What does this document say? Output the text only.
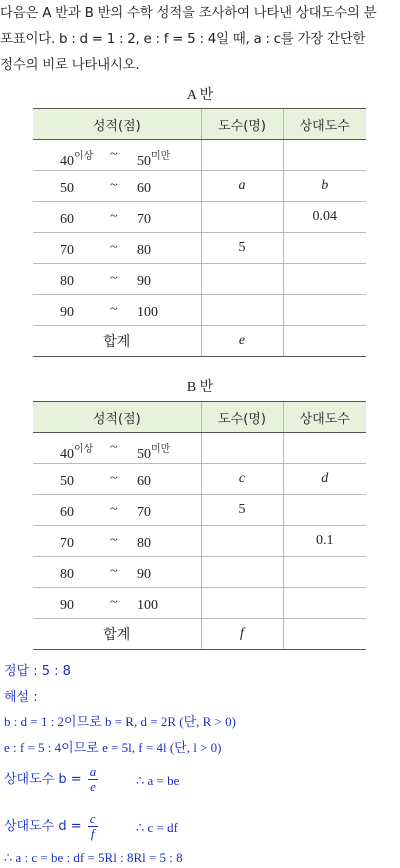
다음은 A 반과 B 반의 수학 성적을 조사하여 나타낸 상대도수의 분
포표이다. b : d = 1 : 2, e : f = 5 : 4일 때, a : c를 가장 간단한
정수의 비로 나타내시오.
A 반
성적(점)	도수(명)	상대도수

$40^{이상}$ ~ $50^{미만}$

50 ~ 60	a	b

60 ~ 70		0.04

70 ~ 80	5	

80 ~ 90		

90 ~ 100		

합계	e	
B 반
성적(점)	도수(명)	상대도수

$40^{이상}$ ~ $50^{미만}$

50 ~ 60	c	d

60 ~ 70	5	

70 ~ 80		0.1

80 ~ 90		

90 ~ 100		

합계	f	
정답 : 5 : 8
해설 :
b : d = 1 : 2이므로 b = R, d = 2R (단, R > 0)
e : f = 5 : 4이므로 e = 5l, f = 4l (단, l > 0)
상대도수 $b = \frac{a}{e}$	∴ a = be
상대도수 $d = \frac{c}{f}$	∴ c = df
∴ a : c = be : df = 5Rl : 8Rl = 5 : 8
